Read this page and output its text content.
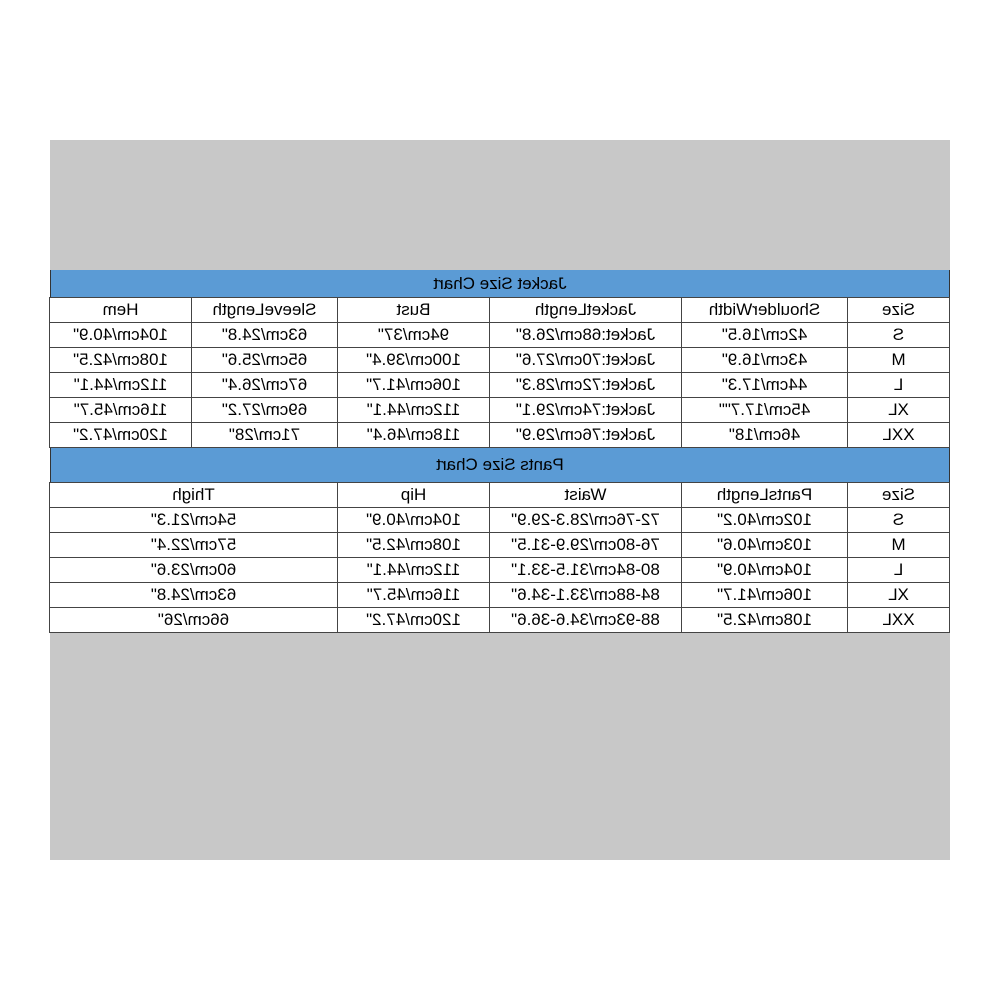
Jacket Size Chart
Size	ShoulderWidth	JacketLength	Bust	SleeveLength	Hem
S	42cm/16.5"	Jacket:68cm/26.8"	94cm/37"	63cm/24.8"	104cm/40.9"
M	43cm/16.9"	Jacket:70cm/27.6"	100cm/39.4"	65cm/25.6"	108cm/42.5"
L	44cm/17.3"	Jacket:72cm/28.3"	106cm/41.7"	67cm/26.4"	112cm/44.1"
XL	45cm/17.7""	Jacket:74cm/29.1"	112cm/44.1"	69cm/27.2"	116cm/45.7"
XXL	46cm/18"	Jacket:76cm/29.9"	118cm/46.4"	71cm/28"	120cm/47.2"
Pants Size Chart
Size	PantsLength	Waist	Hip	Thigh
S	102cm/40.2"	72-76cm/28.3-29.9"	104cm/40.9"	54cm/21.3"
M	103cm/40.6"	76-80cm/29.9-31.5"	108cm/42.5"	57cm/22.4"
L	104cm/40.9"	80-84cm/31.5-33.1"	112cm/44.1"	60cm/23.6"
XL	106cm/41.7"	84-88cm/33.1-34.6"	116cm/45.7"	63cm/24.8"
XXL	108cm/42.5"	88-93cm/34.6-36.6"	120cm/47.2"	66cm/26"
